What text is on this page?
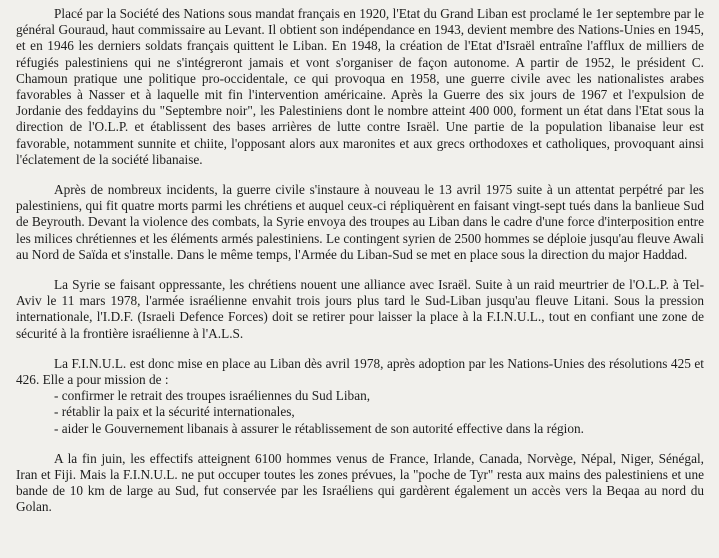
Placé par la Société des Nations sous mandat français en 1920, l'Etat du Grand Liban est proclamé le 1er septembre par le général Gouraud, haut commissaire au Levant. Il obtient son indépendance en 1943, devient membre des Nations-Unies en 1945, et en 1946 les derniers soldats français quittent le Liban. En 1948, la création de l'Etat d'Israël entraîne l'afflux de milliers de réfugiés palestiniens qui ne s'intégreront jamais et vont s'organiser de façon autonome. A partir de 1952, le président C. Chamoun pratique une politique pro-occidentale, ce qui provoqua en 1958, une guerre civile avec les nationalistes arabes favorables à Nasser et à laquelle mit fin l'intervention américaine. Après la Guerre des six jours de 1967 et l'expulsion de Jordanie des feddayins du "Septembre noir", les Palestiniens dont le nombre atteint 400 000, forment un état dans l'Etat sous la direction de l'O.L.P. et établissent des bases arrières de lutte contre Israël. Une partie de la population libanaise leur est favorable, notamment sunnite et chiite, l'opposant alors aux maronites et aux grecs orthodoxes et catholiques, provoquant ainsi l'éclatement de la société libanaise.

Après de nombreux incidents, la guerre civile s'instaure à nouveau le 13 avril 1975 suite à un attentat perpétré par les palestiniens, qui fit quatre morts parmi les chrétiens et auquel ceux-ci répliquèrent en faisant vingt-sept tués dans la banlieue Sud de Beyrouth. Devant la violence des combats, la Syrie envoya des troupes au Liban dans le cadre d'une force d'interposition entre les milices chrétiennes et les éléments armés palestiniens. Le contingent syrien de 2500 hommes se déploie jusqu'au fleuve Awali au Nord de Saïda et s'installe. Dans le même temps, l'Armée du Liban-Sud se met en place sous la direction du major Haddad.

La Syrie se faisant oppressante, les chrétiens nouent une alliance avec Israël. Suite à un raid meurtrier de l'O.L.P. à Tel-Aviv le 11 mars 1978, l'armée israélienne envahit trois jours plus tard le Sud-Liban jusqu'au fleuve Litani. Sous la pression internationale, l'I.D.F. (Israeli Defence Forces) doit se retirer pour laisser la place à la F.I.N.U.L., tout en confiant une zone de sécurité à la frontière israélienne à l'A.L.S.

La F.I.N.U.L. est donc mise en place au Liban dès avril 1978, après adoption par les Nations-Unies des résolutions 425 et 426. Elle a pour mission de :

- confirmer le retrait des troupes israéliennes du Sud Liban,
- rétablir la paix et la sécurité internationales,
- aider le Gouvernement libanais à assurer le rétablissement de son autorité effective dans la région.

A la fin juin, les effectifs atteignent 6100 hommes venus de France, Irlande, Canada, Norvège, Népal, Niger, Sénégal, Iran et Fiji. Mais la F.I.N.U.L. ne put occuper toutes les zones prévues, la "poche de Tyr" resta aux mains des palestiniens et une bande de 10 km de large au Sud, fut conservée par les Israéliens qui gardèrent également un accès vers la Beqaa au nord du Golan.
